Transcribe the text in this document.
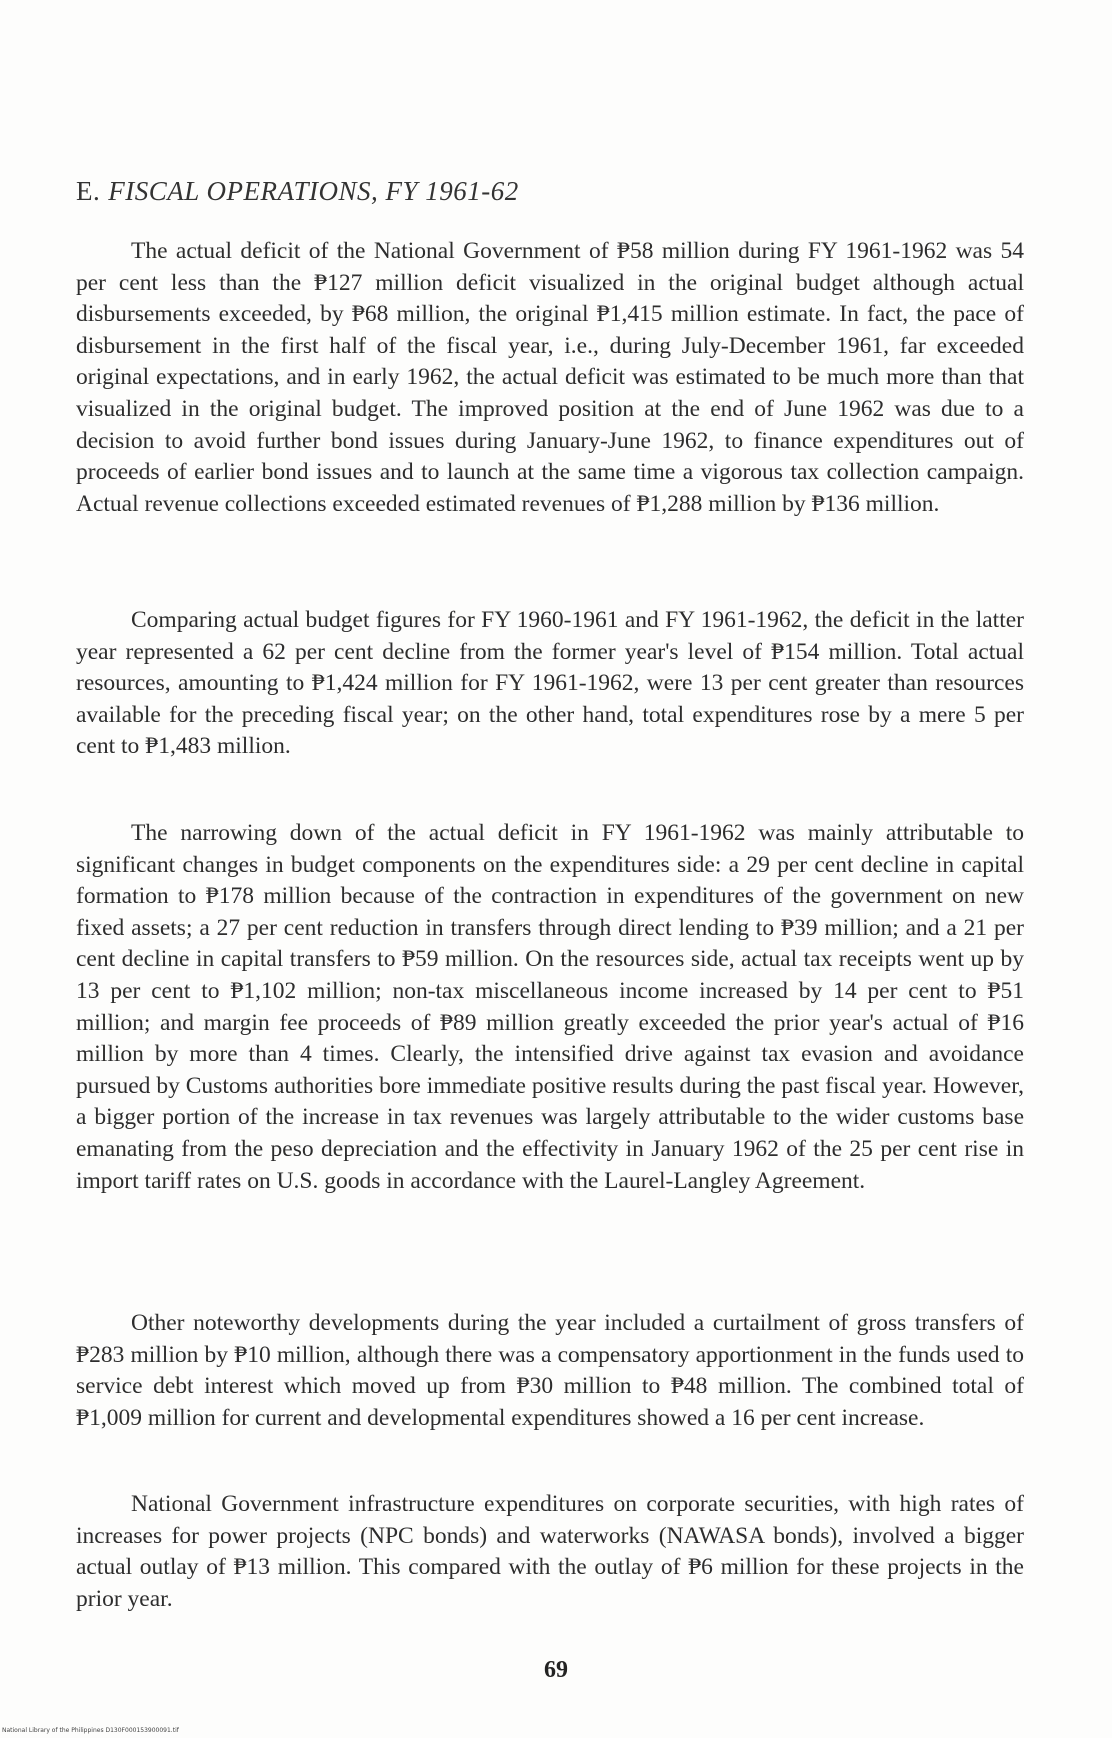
E. FISCAL OPERATIONS, FY 1961-62

The actual deficit of the National Government of ₱58 million during FY 1961-1962 was 54 per cent less than the ₱127 million deficit visualized in the original budget although actual disbursements exceeded, by ₱68 million, the original ₱1,415 million estimate. In fact, the pace of disbursement in the first half of the fiscal year, i.e., during July-December 1961, far exceeded original expectations, and in early 1962, the actual deficit was estimated to be much more than that visualized in the original budget. The improved position at the end of June 1962 was due to a decision to avoid further bond issues during January-June 1962, to finance expenditures out of proceeds of earlier bond issues and to launch at the same time a vigorous tax collection campaign. Actual revenue collections exceeded estimated revenues of ₱1,288 million by ₱136 million.

Comparing actual budget figures for FY 1960-1961 and FY 1961-1962, the deficit in the latter year represented a 62 per cent decline from the former year's level of ₱154 million. Total actual resources, amounting to ₱1,424 million for FY 1961-1962, were 13 per cent greater than resources available for the preceding fiscal year; on the other hand, total expenditures rose by a mere 5 per cent to ₱1,483 million.

The narrowing down of the actual deficit in FY 1961-1962 was mainly attributable to significant changes in budget components on the expenditures side: a 29 per cent decline in capital formation to ₱178 million because of the contraction in expenditures of the government on new fixed assets; a 27 per cent reduction in transfers through direct lending to ₱39 million; and a 21 per cent decline in capital transfers to ₱59 million. On the resources side, actual tax receipts went up by 13 per cent to ₱1,102 million; non-tax miscellaneous income increased by 14 per cent to ₱51 million; and margin fee proceeds of ₱89 million greatly exceeded the prior year's actual of ₱16 million by more than 4 times. Clearly, the intensified drive against tax evasion and avoidance pursued by Customs authorities bore immediate positive results during the past fiscal year. However, a bigger portion of the increase in tax revenues was largely attributable to the wider customs base emanating from the peso depreciation and the effectivity in January 1962 of the 25 per cent rise in import tariff rates on U.S. goods in accordance with the Laurel-Langley Agreement.

Other noteworthy developments during the year included a curtailment of gross transfers of ₱283 million by ₱10 million, although there was a compensatory apportionment in the funds used to service debt interest which moved up from ₱30 million to ₱48 million. The combined total of ₱1,009 million for current and developmental expenditures showed a 16 per cent increase.

National Government infrastructure expenditures on corporate securities, with high rates of increases for power projects (NPC bonds) and waterworks (NAWASA bonds), involved a bigger actual outlay of ₱13 million. This compared with the outlay of ₱6 million for these projects in the prior year.

69
National Library of the Philippines D130F000153900091.tif
